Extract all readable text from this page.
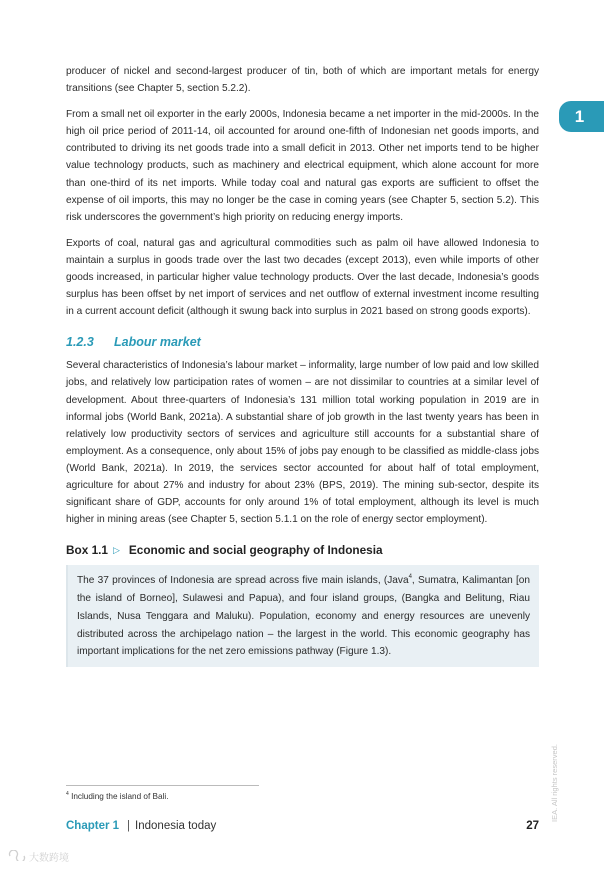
1

producer of nickel and second-largest producer of tin, both of which are important metals for energy transitions (see Chapter 5, section 5.2.2).

From a small net oil exporter in the early 2000s, Indonesia became a net importer in the mid-2000s. In the high oil price period of 2011-14, oil accounted for around one-fifth of Indonesian net goods imports, and contributed to driving its net goods trade into a small deficit in 2013. Other net imports tend to be higher value technology products, such as machinery and electrical equipment, which alone account for more than one-third of its net imports. While today coal and natural gas exports are sufficient to offset the expense of oil imports, this may no longer be the case in coming years (see Chapter 5, section 5.2). This risk underscores the government’s high priority on reducing energy imports.

Exports of coal, natural gas and agricultural commodities such as palm oil have allowed Indonesia to maintain a surplus in goods trade over the last two decades (except 2013), even while imports of other goods increased, in particular higher value technology products. Over the last decade, Indonesia’s goods surplus has been offset by net import of services and net outflow of external investment income resulting in a current account deficit (although it swung back into surplus in 2021 based on strong goods exports).

1.2.3 Labour market

Several characteristics of Indonesia’s labour market – informality, large number of low paid and low skilled jobs, and relatively low participation rates of women – are not dissimilar to countries at a similar level of development. About three-quarters of Indonesia’s 131 million total working population in 2019 are in informal jobs (World Bank, 2021a). A substantial share of job growth in the last twenty years has been in relatively low productivity sectors of services and agriculture still accounts for a substantial share of employment. As a consequence, only about 15% of jobs pay enough to be classified as middle-class jobs (World Bank, 2021a). In 2019, the services sector accounted for about half of total employment, agriculture for about 27% and industry for about 23% (BPS, 2019). The mining sub-sector, despite its significant share of GDP, accounts for only around 1% of total employment, although its level is much higher in mining areas (see Chapter 5, section 5.1.1 on the role of energy sector employment).

Box 1.1 ▷ Economic and social geography of Indonesia

The 37 provinces of Indonesia are spread across five main islands, (Java$^4$, Sumatra, Kalimantan [on the island of Borneo], Sulawesi and Papua), and four island groups, (Bangka and Belitung, Riau Islands, Nusa Tenggara and Maluku). Population, economy and energy resources are unevenly distributed across the archipelago nation – the largest in the world. This economic geography has important implications for the net zero emissions pathway (Figure 1.3).

$^4$ Including the island of Bali.
Chapter 1 | Indonesia today	27
IEA. All rights reserved.
大数跨境
